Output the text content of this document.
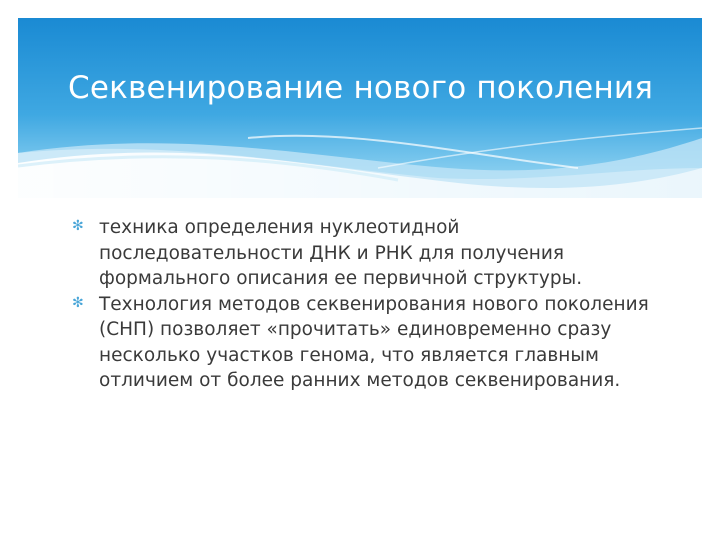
Секвенирование нового поколения
✻ техника определения нуклеотидной последовательности ДНК и РНК для получения формального описания ее первичной структуры.
✻ Технология методов секвенирования нового поколения (СНП) позволяет «прочитать» единовременно сразу несколько участков генома, что является главным отличием от более ранних методов секвенирования.
